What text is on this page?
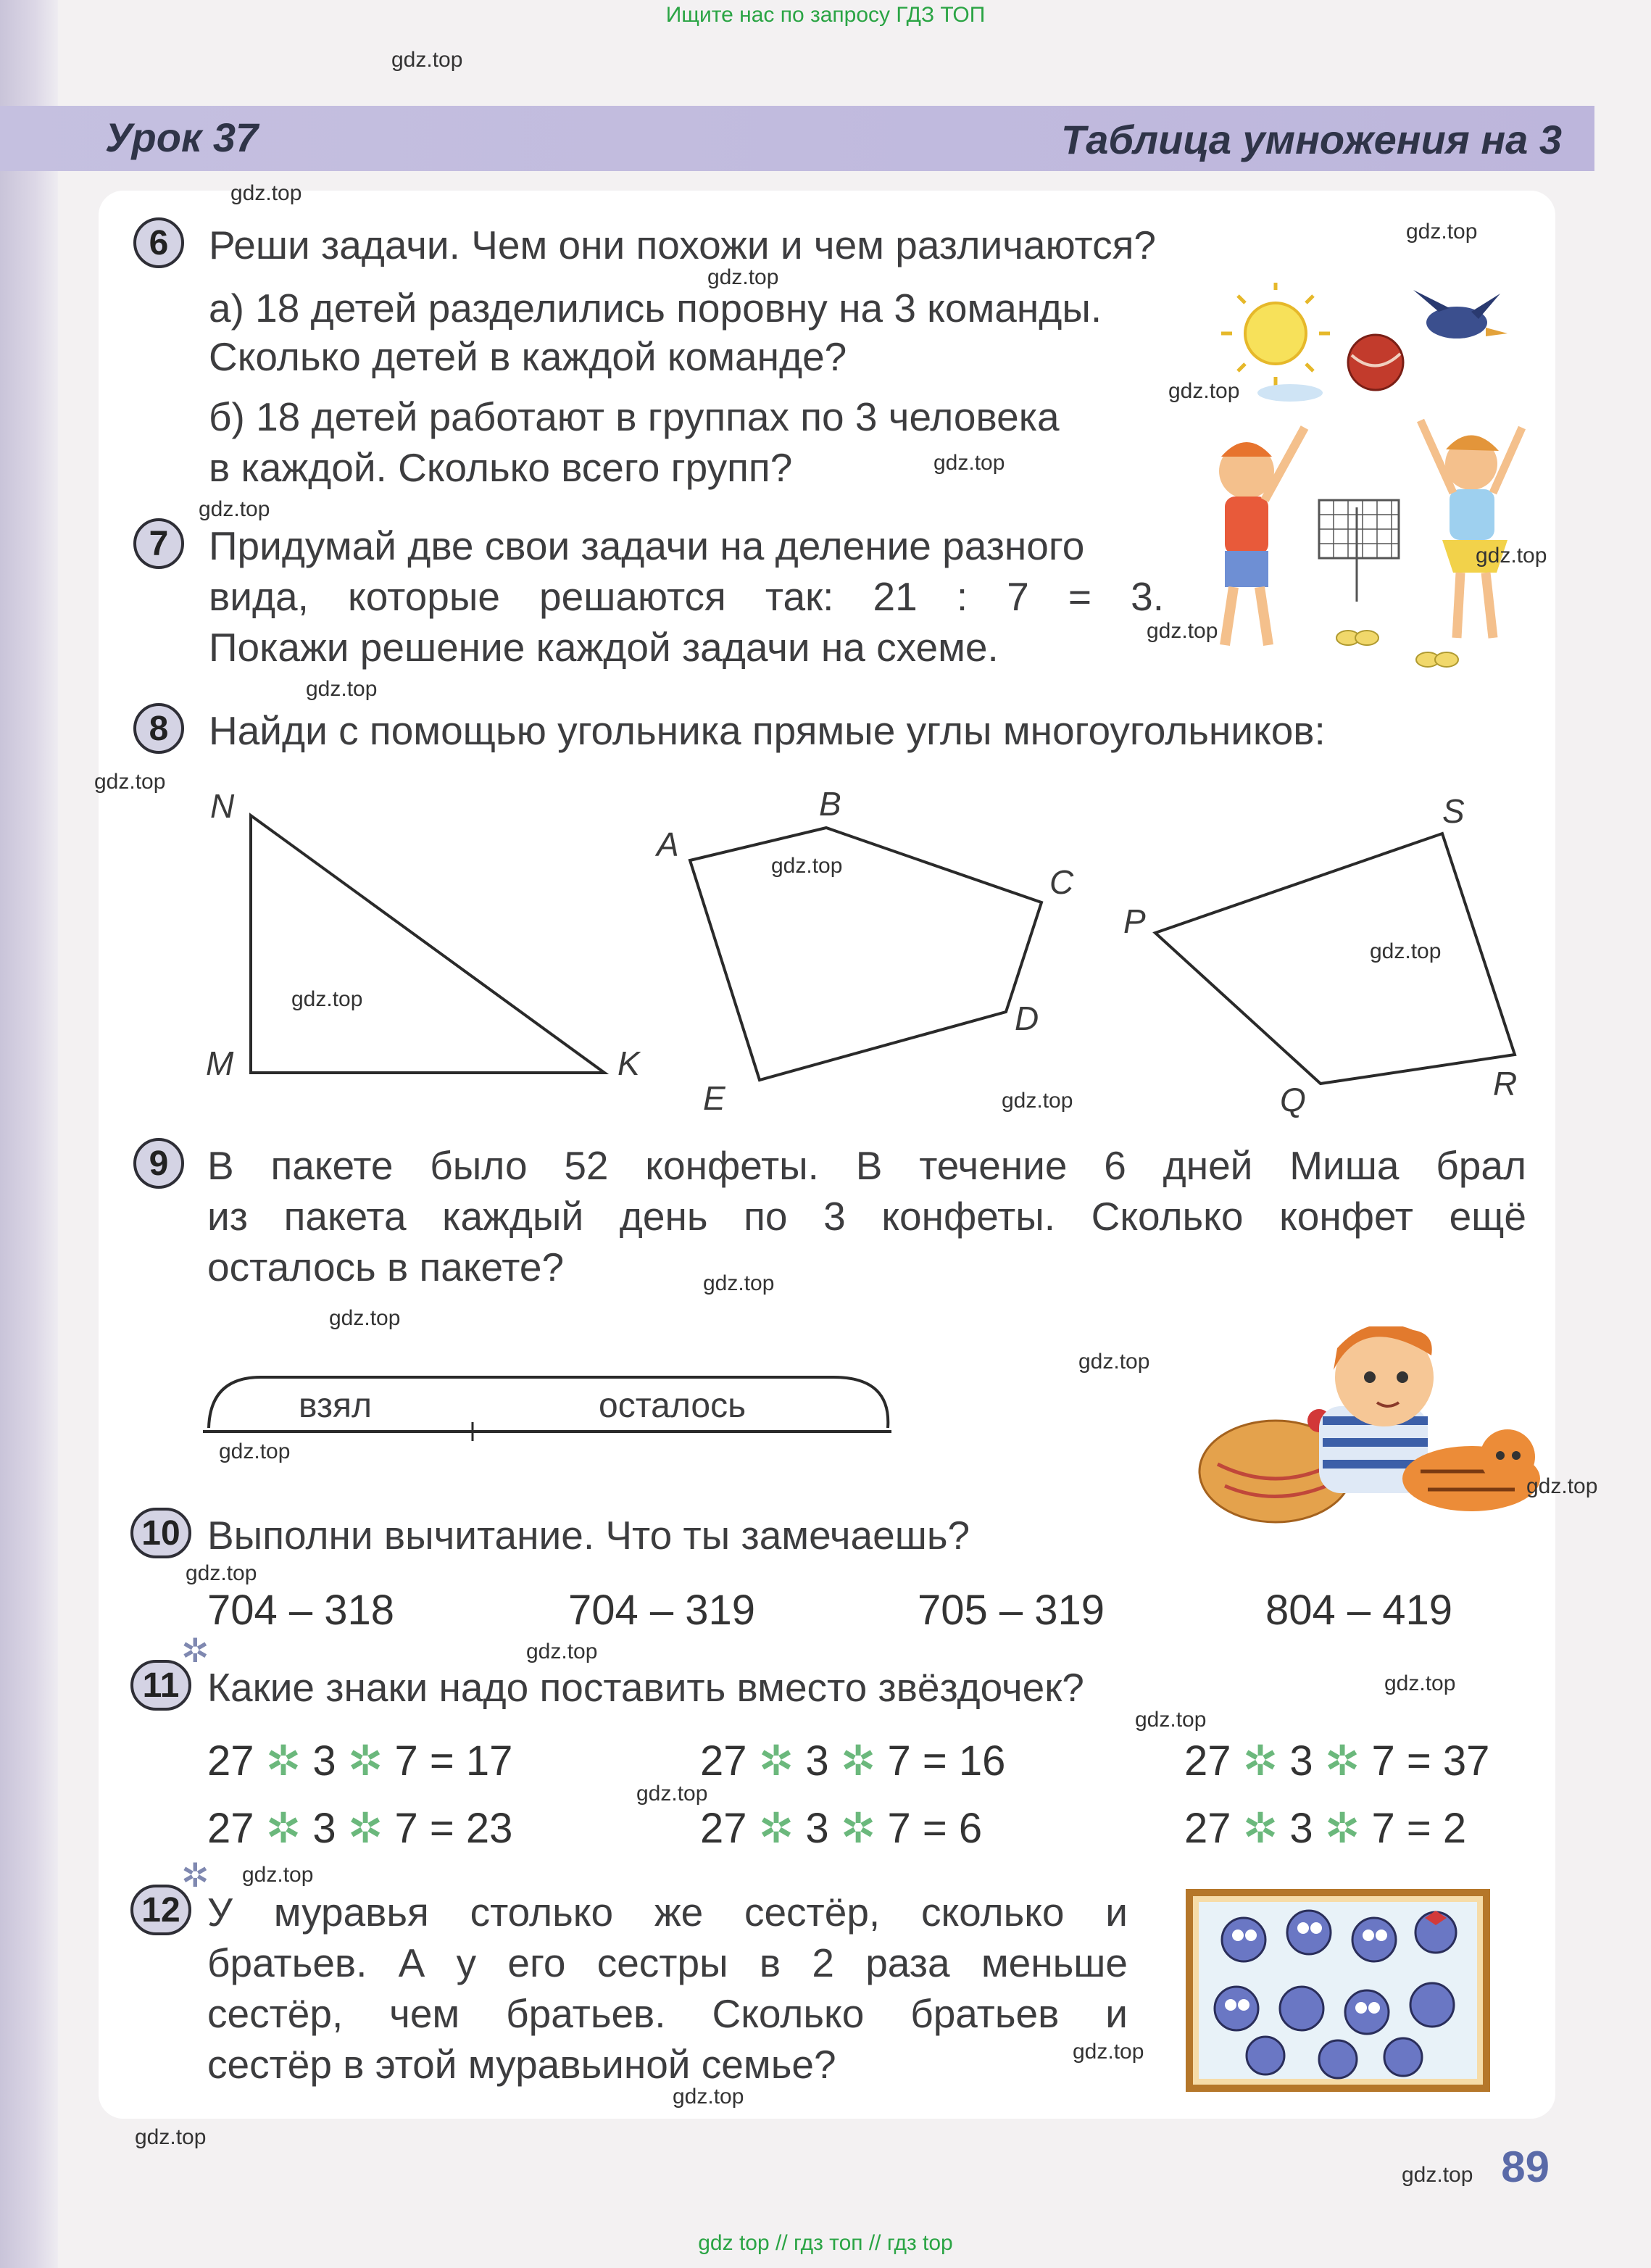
Ищите нас по запросу ГДЗ ТОП
Урок 37	Таблица умножения на 3
6	Реши задачи. Чем они похожи и чем различаются?
а) 18 детей разделились поровну на 3 команды.
Сколько детей в каждой команде?
б) 18 детей работают в группах по 3 человека
в каждой. Сколько всего групп?
7	Придумай две свои задачи на деление разного
вида, которые решаются так: 21 : 7 = 3.
Покажи решение каждой задачи на схеме.
8	Найди с помощью угольника прямые углы многоугольников:
N
M	K
A
B
C
D
E
S
P
Q	R
9 В пакете было 52 конфеты. В течение 6 дней Миша брал
из пакета каждый день по 3 конфеты. Сколько конфет ещё
осталось в пакете?
взял	осталось
10 Выполни вычитание. Что ты замечаешь?
704 – 318	704 – 319	705 – 319	804 – 419
✲
11 Какие знаки надо поставить вместо звёздочек?
27 ✲ 3 ✲ 7 = 17	27 ✲ 3 ✲ 7 = 16	27 ✲ 3 ✲ 7 = 37
27 ✲ 3 ✲ 7 = 23	27 ✲ 3 ✲ 7 = 6	27 ✲ 3 ✲ 7 = 2
✲
12 У муравья столько же сестёр, сколько и
братьев. А у его сестры в 2 раза меньше
сестёр, чем братьев. Сколько братьев и
сестёр в этой муравьиной семье?
89
gdz.top
gdz.top
gdz.top
gdz.top
gdz.top
gdz.top
gdz.top
gdz.top
gdz.top
gdz.top
gdz.top
gdz.top
gdz.top
gdz.top
gdz.top
gdz.top
gdz.top
gdz.top
gdz.top
gdz.top
gdz.top
gdz.top
gdz.top
gdz.top
gdz.top
gdz.top
gdz.top
gdz.top
gdz.top
gdz.top
gdz top // гдз топ // гдз top
